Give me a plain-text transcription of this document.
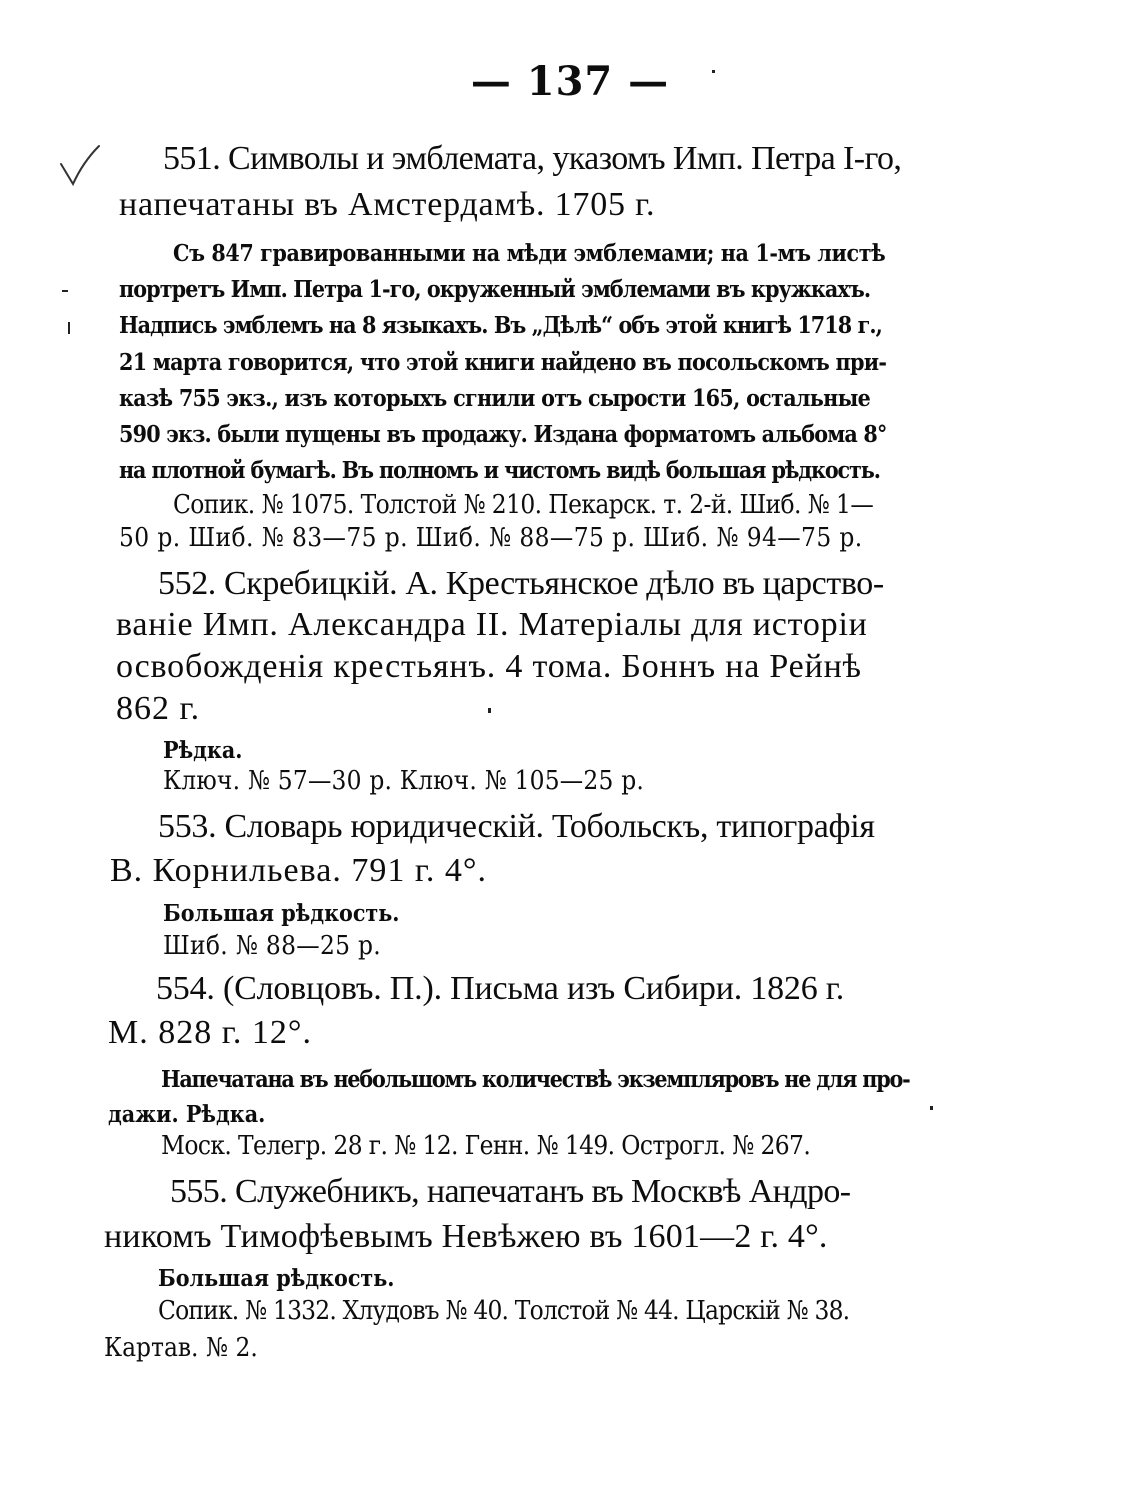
— 137 —
551. Символы и эмблемата, указомъ Имп. Петра I-го,
напечатаны въ Амстердамѣ. 1705 г.
Съ 847 гравированными на мѣди эмблемами; на 1-мъ листѣ
портретъ Имп. Петра 1-го, окруженный эмблемами въ кружкахъ.
Надпись эмблемъ на 8 языкахъ. Въ „Дѣлѣ“ объ этой книгѣ 1718 г.,
21 марта говорится, что этой книги найдено въ посольскомъ при-
казѣ 755 экз., изъ которыхъ сгнили отъ сырости 165, остальные
590 экз. были пущены въ продажу. Издана форматомъ альбома 8°
на плотной бумагѣ. Въ полномъ и чистомъ видѣ большая рѣдкость.
Сопик. № 1075. Толстой № 210. Пекарск. т. 2-й. Шиб. № 1—
50 р. Шиб. № 83—75 р. Шиб. № 88—75 р. Шиб. № 94—75 р.
552. Скребицкій. А. Крестьянское дѣло въ царство-
ваніе Имп. Александра II. Матеріалы для исторіи
освобожденія крестьянъ. 4 тома. Боннъ на Рейнѣ
862 г.
Рѣдка.
Ключ. № 57—30 р. Ключ. № 105—25 р.
553. Словарь юридическій. Тобольскъ, типографія
В. Корнильева. 791 г. 4°.
Большая рѣдкость.
Шиб. № 88—25 р.
554. (Словцовъ. П.). Письма изъ Сибири. 1826 г.
М. 828 г. 12°.
Напечатана въ небольшомъ количествѣ экземпляровъ не для про-
дажи. Рѣдка.
Моск. Телегр. 28 г. № 12. Генн. № 149. Острогл. № 267.
555. Служебникъ, напечатанъ въ Москвѣ Андро-
никомъ Тимофѣевымъ Невѣжею въ 1601—2 г. 4°.
Большая рѣдкость.
Сопик. № 1332. Хлудовъ № 40. Толстой № 44. Царскій № 38.
Картав. № 2.
